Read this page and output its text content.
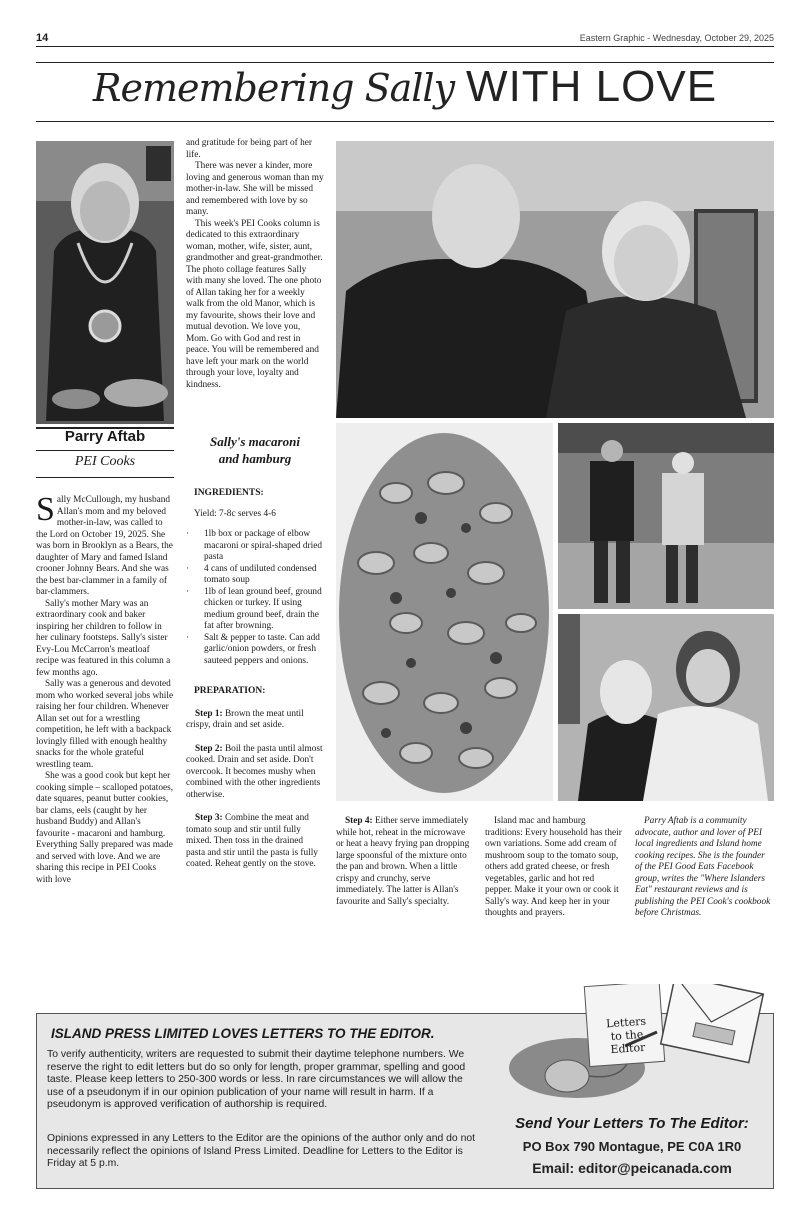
14	Eastern Graphic - Wednesday, October 29, 2025
Remembering Sally WITH LOVE
Parry Aftab
PEI Cooks

Sally McCullough, my husband Allan's mom and my beloved mother-in-law, was called to the Lord on October 19, 2025. She was born in Brooklyn as a Bears, the daughter of Mary and famed Island crooner Johnny Bears. And she was the best bar-clammer in a family of bar-clammers.

Sally's mother Mary was an extraordinary cook and baker inspiring her children to follow in her culinary footsteps. Sally's sister Evy-Lou McCarron's meatloaf recipe was featured in this column a few months ago.

Sally was a generous and devoted mom who worked several jobs while raising her four children. Whenever Allan set out for a wrestling competition, he left with a backpack lovingly filled with enough healthy snacks for the whole grateful wrestling team.

She was a good cook but kept her cooking simple – scalloped potatoes, date squares, peanut butter cookies, bar clams, eels (caught by her husband Buddy) and Allan's favourite - macaroni and hamburg. Everything Sally prepared was made and served with love. And we are sharing this recipe in PEI Cooks with love

and gratitude for being part of her life.

There was never a kinder, more loving and generous woman than my mother-in-law. She will be missed and remembered with love by so many.

This week's PEI Cooks column is dedicated to this extraordinary woman, mother, wife, sister, aunt, grandmother and great-grandmother. The photo collage features Sally with many she loved. The one photo of Allan taking her for a weekly walk from the old Manor, which is my favourite, shows their love and mutual devotion. We love you, Mom. Go with God and rest in peace. You will be remembered and have left your mark on the world through your love, loyalty and kindness.

Sally's macaroni
and hamburg

INGREDIENTS:

Yield: 7-8c serves 4-6

· 1lb box or package of elbow macaroni or spiral-shaped dried pasta
· 4 cans of undiluted condensed tomato soup
· 1lb of lean ground beef, ground chicken or turkey. If using medium ground beef, drain the fat after browning.
· Salt & pepper to taste. Can add garlic/onion powders, or fresh sauteed peppers and onions.

PREPARATION:

Step 1: Brown the meat until crispy, drain and set aside.

Step 2: Boil the pasta until almost cooked. Drain and set aside. Don't overcook. It becomes mushy when combined with the other ingredients otherwise.

Step 3: Combine the meat and tomato soup and stir until fully mixed. Then toss in the drained pasta and stir until the pasta is fully coated. Reheat gently on the stove.

Step 4: Either serve immediately while hot, reheat in the microwave or heat a heavy frying pan dropping large spoonsful of the mixture onto the pan and brown. When a little crispy and crunchy, serve immediately. The latter is Allan's favourite and Sally's specialty.

Island mac and hamburg traditions: Every household has their own variations. Some add cream of mushroom soup to the tomato soup, others add grated cheese, or fresh vegetables, garlic and hot red pepper. Make it your own or cook it Sally's way. And keep her in your thoughts and prayers.

Parry Aftab is a community advocate, author and lover of PEI local ingredients and Island home cooking recipes. She is the founder of the PEI Good Eats Facebook group, writes the "Where Islanders Eat" restaurant reviews and is publishing the PEI Cook's cookbook before Christmas.

ISLAND PRESS LIMITED LOVES LETTERS TO THE EDITOR.
To verify authenticity, writers are requested to submit their daytime telephone numbers. We reserve the right to edit letters but do so only for length, proper grammar, spelling and good taste. Please keep letters to 250-300 words or less. In rare circumstances we will allow the use of a pseudonym if in our opinion publication of your name will result in harm. If a pseudonym is approved verification of authorship is required.
Opinions expressed in any Letters to the Editor are the opinions of the author only and do not necessarily reflect the opinions of Island Press Limited. Deadline for Letters to the Editor is Friday at 5 p.m.
Letters
to the
Editor
Send Your Letters To The Editor:
PO Box 790 Montague, PE C0A 1R0
Email: editor@peicanada.com
